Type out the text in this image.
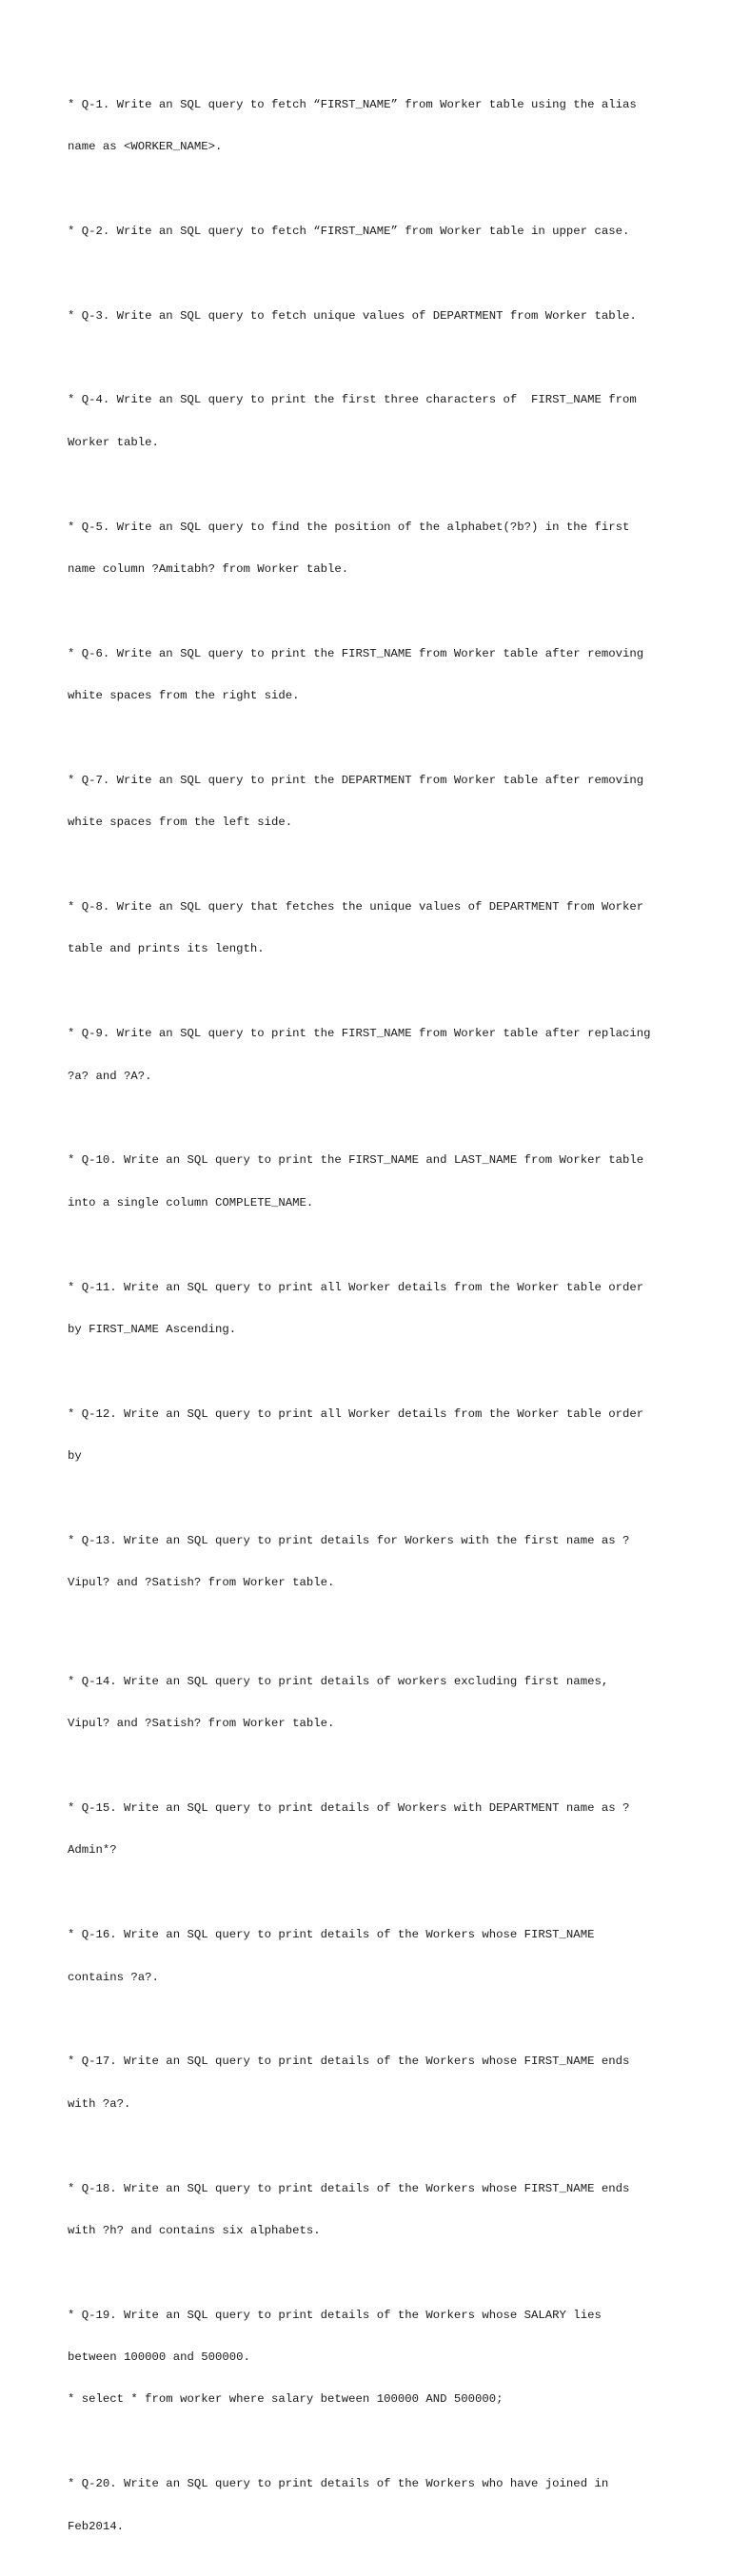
* Q-1. Write an SQL query to fetch “FIRST_NAME” from Worker table using the alias

name as <WORKER_NAME>.

* Q-2. Write an SQL query to fetch “FIRST_NAME” from Worker table in upper case.

* Q-3. Write an SQL query to fetch unique values of DEPARTMENT from Worker table.

* Q-4. Write an SQL query to print the first three characters of  FIRST_NAME from

Worker table.

* Q-5. Write an SQL query to find the position of the alphabet(?b?) in the first

name column ?Amitabh? from Worker table.

* Q-6. Write an SQL query to print the FIRST_NAME from Worker table after removing

white spaces from the right side.

* Q-7. Write an SQL query to print the DEPARTMENT from Worker table after removing

white spaces from the left side.

* Q-8. Write an SQL query that fetches the unique values of DEPARTMENT from Worker

table and prints its length.

* Q-9. Write an SQL query to print the FIRST_NAME from Worker table after replacing

?a? and ?A?.

* Q-10. Write an SQL query to print the FIRST_NAME and LAST_NAME from Worker table

into a single column COMPLETE_NAME.

* Q-11. Write an SQL query to print all Worker details from the Worker table order

by FIRST_NAME Ascending.

* Q-12. Write an SQL query to print all Worker details from the Worker table order

by

* Q-13. Write an SQL query to print details for Workers with the first name as ?

Vipul? and ?Satish? from Worker table.

* Q-14. Write an SQL query to print details of workers excluding first names,

Vipul? and ?Satish? from Worker table.

* Q-15. Write an SQL query to print details of Workers with DEPARTMENT name as ?

Admin*?

* Q-16. Write an SQL query to print details of the Workers whose FIRST_NAME

contains ?a?.

* Q-17. Write an SQL query to print details of the Workers whose FIRST_NAME ends

with ?a?.

* Q-18. Write an SQL query to print details of the Workers whose FIRST_NAME ends

with ?h? and contains six alphabets.

* Q-19. Write an SQL query to print details of the Workers whose SALARY lies

between 100000 and 500000.

* select * from worker where salary between 100000 AND 500000;

* Q-20. Write an SQL query to print details of the Workers who have joined in

Feb2014.
